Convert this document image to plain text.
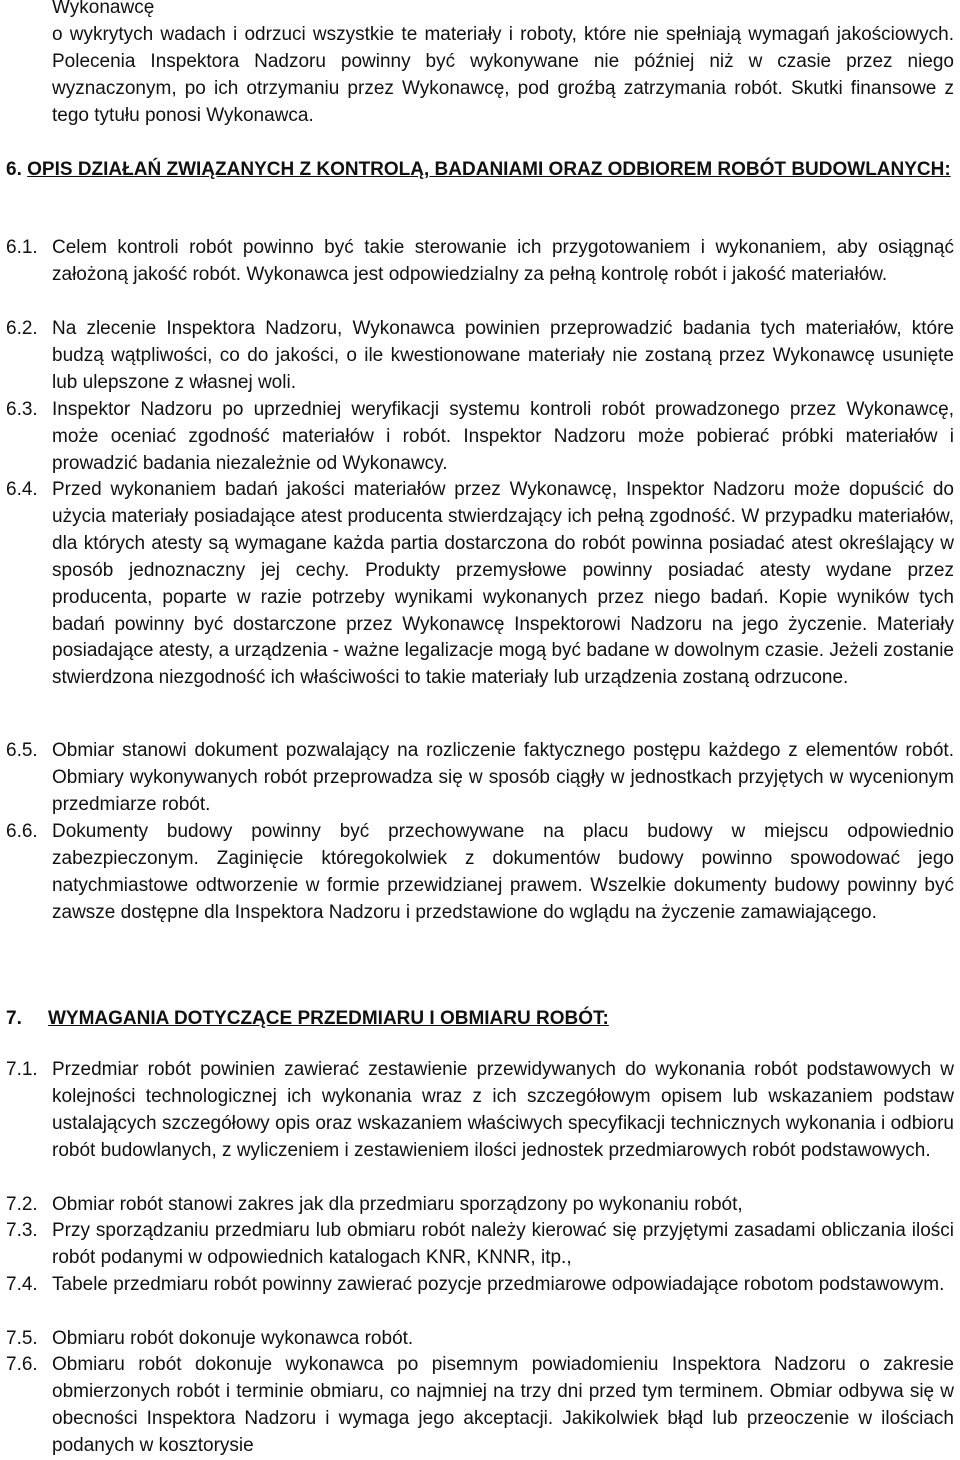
Wykonawcę

o wykrytych wadach i odrzuci wszystkie te materiały i roboty, które nie spełniają wymagań jakościowych. Polecenia Inspektora Nadzoru powinny być wykonywane nie później niż w czasie przez niego wyznaczonym, po ich otrzymaniu przez Wykonawcę, pod groźbą zatrzymania robót. Skutki finansowe z tego tytułu ponosi Wykonawca.

6. OPIS DZIAŁAŃ ZWIĄZANYCH Z KONTROLĄ, BADANIAMI ORAZ ODBIOREM ROBÓT BUDOWLANYCH:
6.1. Celem kontroli robót powinno być takie sterowanie ich przygotowaniem i wykonaniem, aby osiągnąć założoną jakość robót. Wykonawca jest odpowiedzialny za pełną kontrolę robót i jakość materiałów.
6.2. Na zlecenie Inspektora Nadzoru, Wykonawca powinien przeprowadzić badania tych materiałów, które budzą wątpliwości, co do jakości, o ile kwestionowane materiały nie zostaną przez Wykonawcę usunięte lub ulepszone z własnej woli.
6.3. Inspektor Nadzoru po uprzedniej weryfikacji systemu kontroli robót prowadzonego przez Wykonawcę, może oceniać zgodność materiałów i robót. Inspektor Nadzoru może pobierać próbki materiałów i prowadzić badania niezależnie od Wykonawcy.
6.4. Przed wykonaniem badań jakości materiałów przez Wykonawcę, Inspektor Nadzoru może dopuścić do użycia materiały posiadające atest producenta stwierdzający ich pełną zgodność. W przypadku materiałów, dla których atesty są wymagane każda partia dostarczona do robót powinna posiadać atest określający w sposób jednoznaczny jej cechy. Produkty przemysłowe powinny posiadać atesty wydane przez producenta, poparte w razie potrzeby wynikami wykonanych przez niego badań. Kopie wyników tych badań powinny być dostarczone przez Wykonawcę Inspektorowi Nadzoru na jego życzenie. Materiały posiadające atesty, a urządzenia - ważne legalizacje mogą być badane w dowolnym czasie. Jeżeli zostanie stwierdzona niezgodność ich właściwości to takie materiały lub urządzenia zostaną odrzucone.
6.5. Obmiar stanowi dokument pozwalający na rozliczenie faktycznego postępu każdego z elementów robót. Obmiary wykonywanych robót przeprowadza się w sposób ciągły w jednostkach przyjętych w wycenionym przedmiarze robót.
6.6. Dokumenty budowy powinny być przechowywane na placu budowy w miejscu odpowiednio zabezpieczonym. Zaginięcie któregokolwiek z dokumentów budowy powinno spowodować jego natychmiastowe odtworzenie w formie przewidzianej prawem. Wszelkie dokumenty budowy powinny być zawsze dostępne dla Inspektora Nadzoru i przedstawione do wglądu na życzenie zamawiającego.
7. WYMAGANIA DOTYCZĄCE PRZEDMIARU I OBMIARU ROBÓT:
7.1. Przedmiar robót powinien zawierać zestawienie przewidywanych do wykonania robót podstawowych w kolejności technologicznej ich wykonania wraz z ich szczegółowym opisem lub wskazaniem podstaw ustalających szczegółowy opis oraz wskazaniem właściwych specyfikacji technicznych wykonania i odbioru robót budowlanych, z wyliczeniem i zestawieniem ilości jednostek przedmiarowych robót podstawowych.
7.2. Obmiar robót stanowi zakres jak dla przedmiaru sporządzony po wykonaniu robót,
7.3. Przy sporządzaniu przedmiaru lub obmiaru robót należy kierować się przyjętymi zasadami obliczania ilości robót podanymi w odpowiednich katalogach KNR, KNNR, itp.,
7.4. Tabele przedmiaru robót powinny zawierać pozycje przedmiarowe odpowiadające robotom podstawowym.
7.5. Obmiaru robót dokonuje wykonawca robót.
7.6. Obmiaru robót dokonuje wykonawca po pisemnym powiadomieniu Inspektora Nadzoru o zakresie obmierzonych robót i terminie obmiaru, co najmniej na trzy dni przed tym terminem. Obmiar odbywa się w obecności Inspektora Nadzoru i wymaga jego akceptacji. Jakikolwiek błąd lub przeoczenie w ilościach podanych w kosztorysie
